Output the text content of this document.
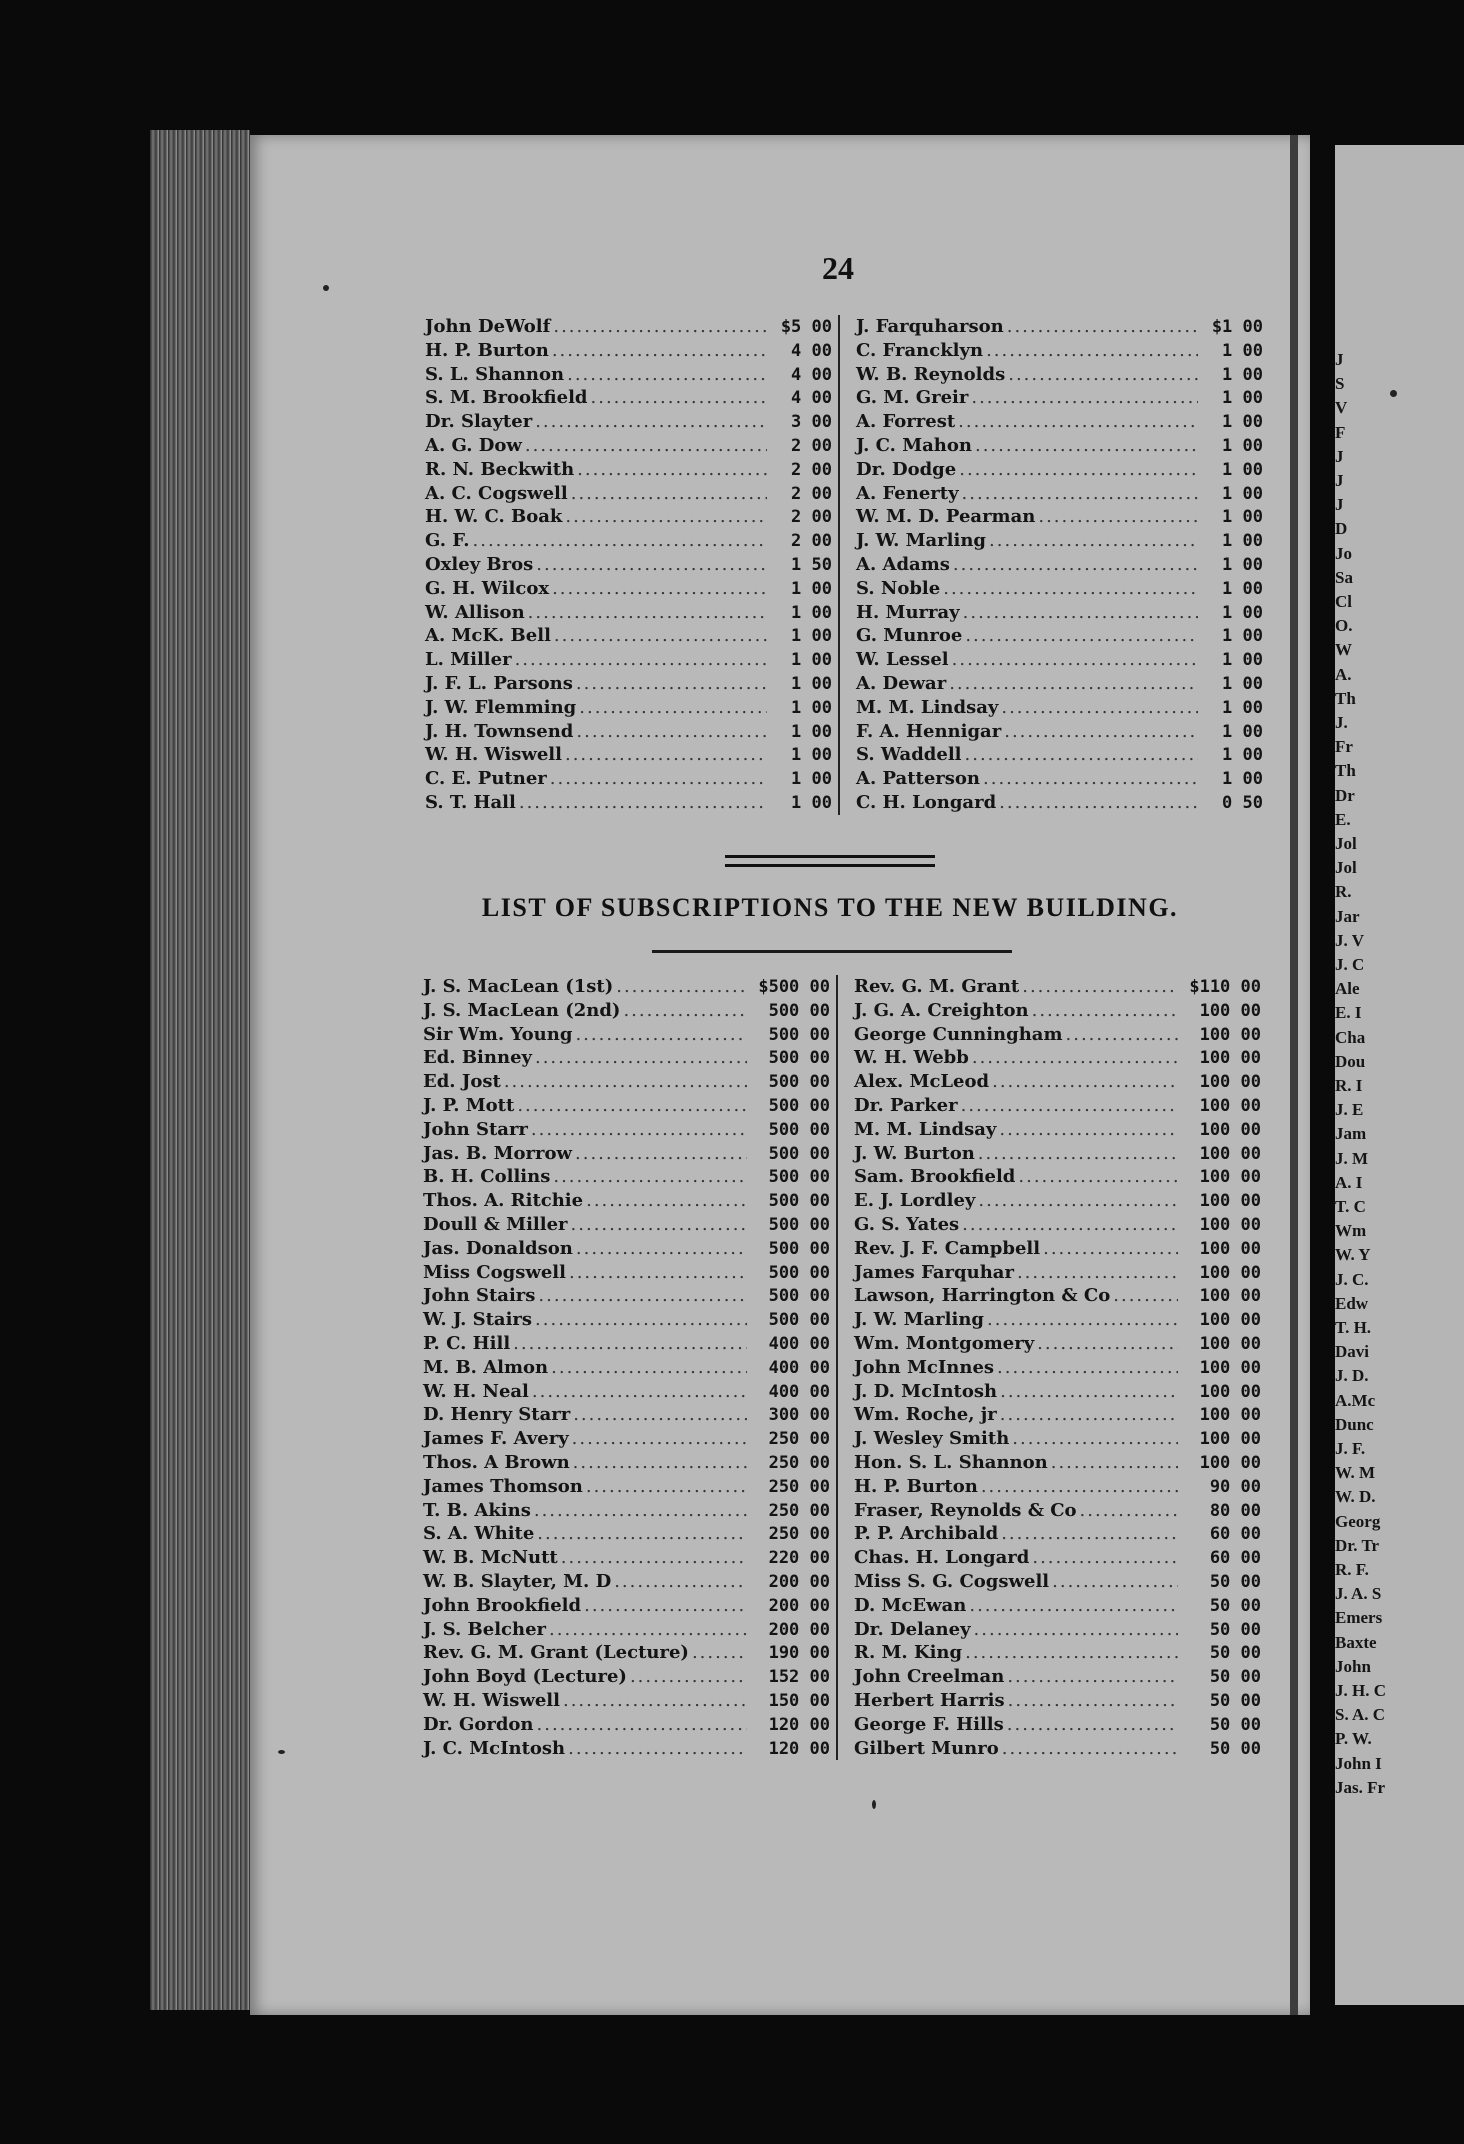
J
S
V
F
J
J
J
D
Jo
Sa
Cl
O.
W
A.
Th
J.
Fr
Th
Dr
E.
Jol
Jol
R.
Jar
J. V
J. C
Ale
E. I
Cha
Dou
R. I
J. E
Jam
J. M
A. I
T. C
Wm
W. Y
J. C.
Edw
T. H.
Davi
J. D.
A.Mc
Dunc
J. F.
W. M
W. D.
Georg
Dr. Tr
R. F.
J. A. S
Emers
Baxte
John
J. H. C
S. A. C
P. W.
John I
Jas. Fr
24
John DeWolf .....	$5 00
H. P. Burton .....	4 00
S. L. Shannon .....	4 00
S. M. Brookfield .....	4 00
Dr. Slayter .....	3 00
A. G. Dow .....	2 00
R. N. Beckwith .....	2 00
A. C. Cogswell .....	2 00
H. W. C. Boak .....	2 00
G. F. .....	2 00
Oxley Bros .....	1 50
G. H. Wilcox .....	1 00
W. Allison .....	1 00
A. McK. Bell .....	1 00
L. Miller .....	1 00
J. F. L. Parsons .....	1 00
J. W. Flemming .....	1 00
J. H. Townsend .....	1 00
W. H. Wiswell .....	1 00
C. E. Putner .....	1 00
S. T. Hall .....	1 00
J. Farquharson .....	$1 00
C. Francklyn .....	1 00
W. B. Reynolds .....	1 00
G. M. Greir .....	1 00
A. Forrest .....	1 00
J. C. Mahon .....	1 00
Dr. Dodge .....	1 00
A. Fenerty .....	1 00
W. M. D. Pearman .....	1 00
J. W. Marling .....	1 00
A. Adams .....	1 00
S. Noble .....	1 00
H. Murray .....	1 00
G. Munroe .....	1 00
W. Lessel .....	1 00
A. Dewar .....	1 00
M. M. Lindsay .....	1 00
F. A. Hennigar .....	1 00
S. Waddell .....	1 00
A. Patterson .....	1 00
C. H. Longard .....	0 50
LIST OF SUBSCRIPTIONS TO THE NEW BUILDING.
J. S. MacLean (1st) .....	$500 00
J. S. MacLean (2nd) .....	500 00
Sir Wm. Young .....	500 00
Ed. Binney .....	500 00
Ed. Jost .....	500 00
J. P. Mott .....	500 00
John Starr .....	500 00
Jas. B. Morrow .....	500 00
B. H. Collins .....	500 00
Thos. A. Ritchie .....	500 00
Doull & Miller .....	500 00
Jas. Donaldson .....	500 00
Miss Cogswell .....	500 00
John Stairs .....	500 00
W. J. Stairs .....	500 00
P. C. Hill .....	400 00
M. B. Almon .....	400 00
W. H. Neal .....	400 00
D. Henry Starr .....	300 00
James F. Avery .....	250 00
Thos. A Brown .....	250 00
James Thomson .....	250 00
T. B. Akins .....	250 00
S. A. White .....	250 00
W. B. McNutt .....	220 00
W. B. Slayter, M. D .....	200 00
John Brookfield .....	200 00
J. S. Belcher .....	200 00
Rev. G. M. Grant (Lecture) .....	190 00
John Boyd (Lecture) .....	152 00
W. H. Wiswell .....	150 00
Dr. Gordon .....	120 00
J. C. McIntosh .....	120 00
Rev. G. M. Grant .....	$110 00
J. G. A. Creighton .....	100 00
George Cunningham .....	100 00
W. H. Webb .....	100 00
Alex. McLeod .....	100 00
Dr. Parker .....	100 00
M. M. Lindsay .....	100 00
J. W. Burton .....	100 00
Sam. Brookfield .....	100 00
E. J. Lordley .....	100 00
G. S. Yates .....	100 00
Rev. J. F. Campbell .....	100 00
James Farquhar .....	100 00
Lawson, Harrington & Co .....	100 00
J. W. Marling .....	100 00
Wm. Montgomery .....	100 00
John McInnes .....	100 00
J. D. McIntosh .....	100 00
Wm. Roche, jr .....	100 00
J. Wesley Smith .....	100 00
Hon. S. L. Shannon .....	100 00
H. P. Burton .....	90 00
Fraser, Reynolds & Co .....	80 00
P. P. Archibald .....	60 00
Chas. H. Longard .....	60 00
Miss S. G. Cogswell .....	50 00
D. McEwan .....	50 00
Dr. Delaney .....	50 00
R. M. King .....	50 00
John Creelman .....	50 00
Herbert Harris .....	50 00
George F. Hills .....	50 00
Gilbert Munro .....	50 00
